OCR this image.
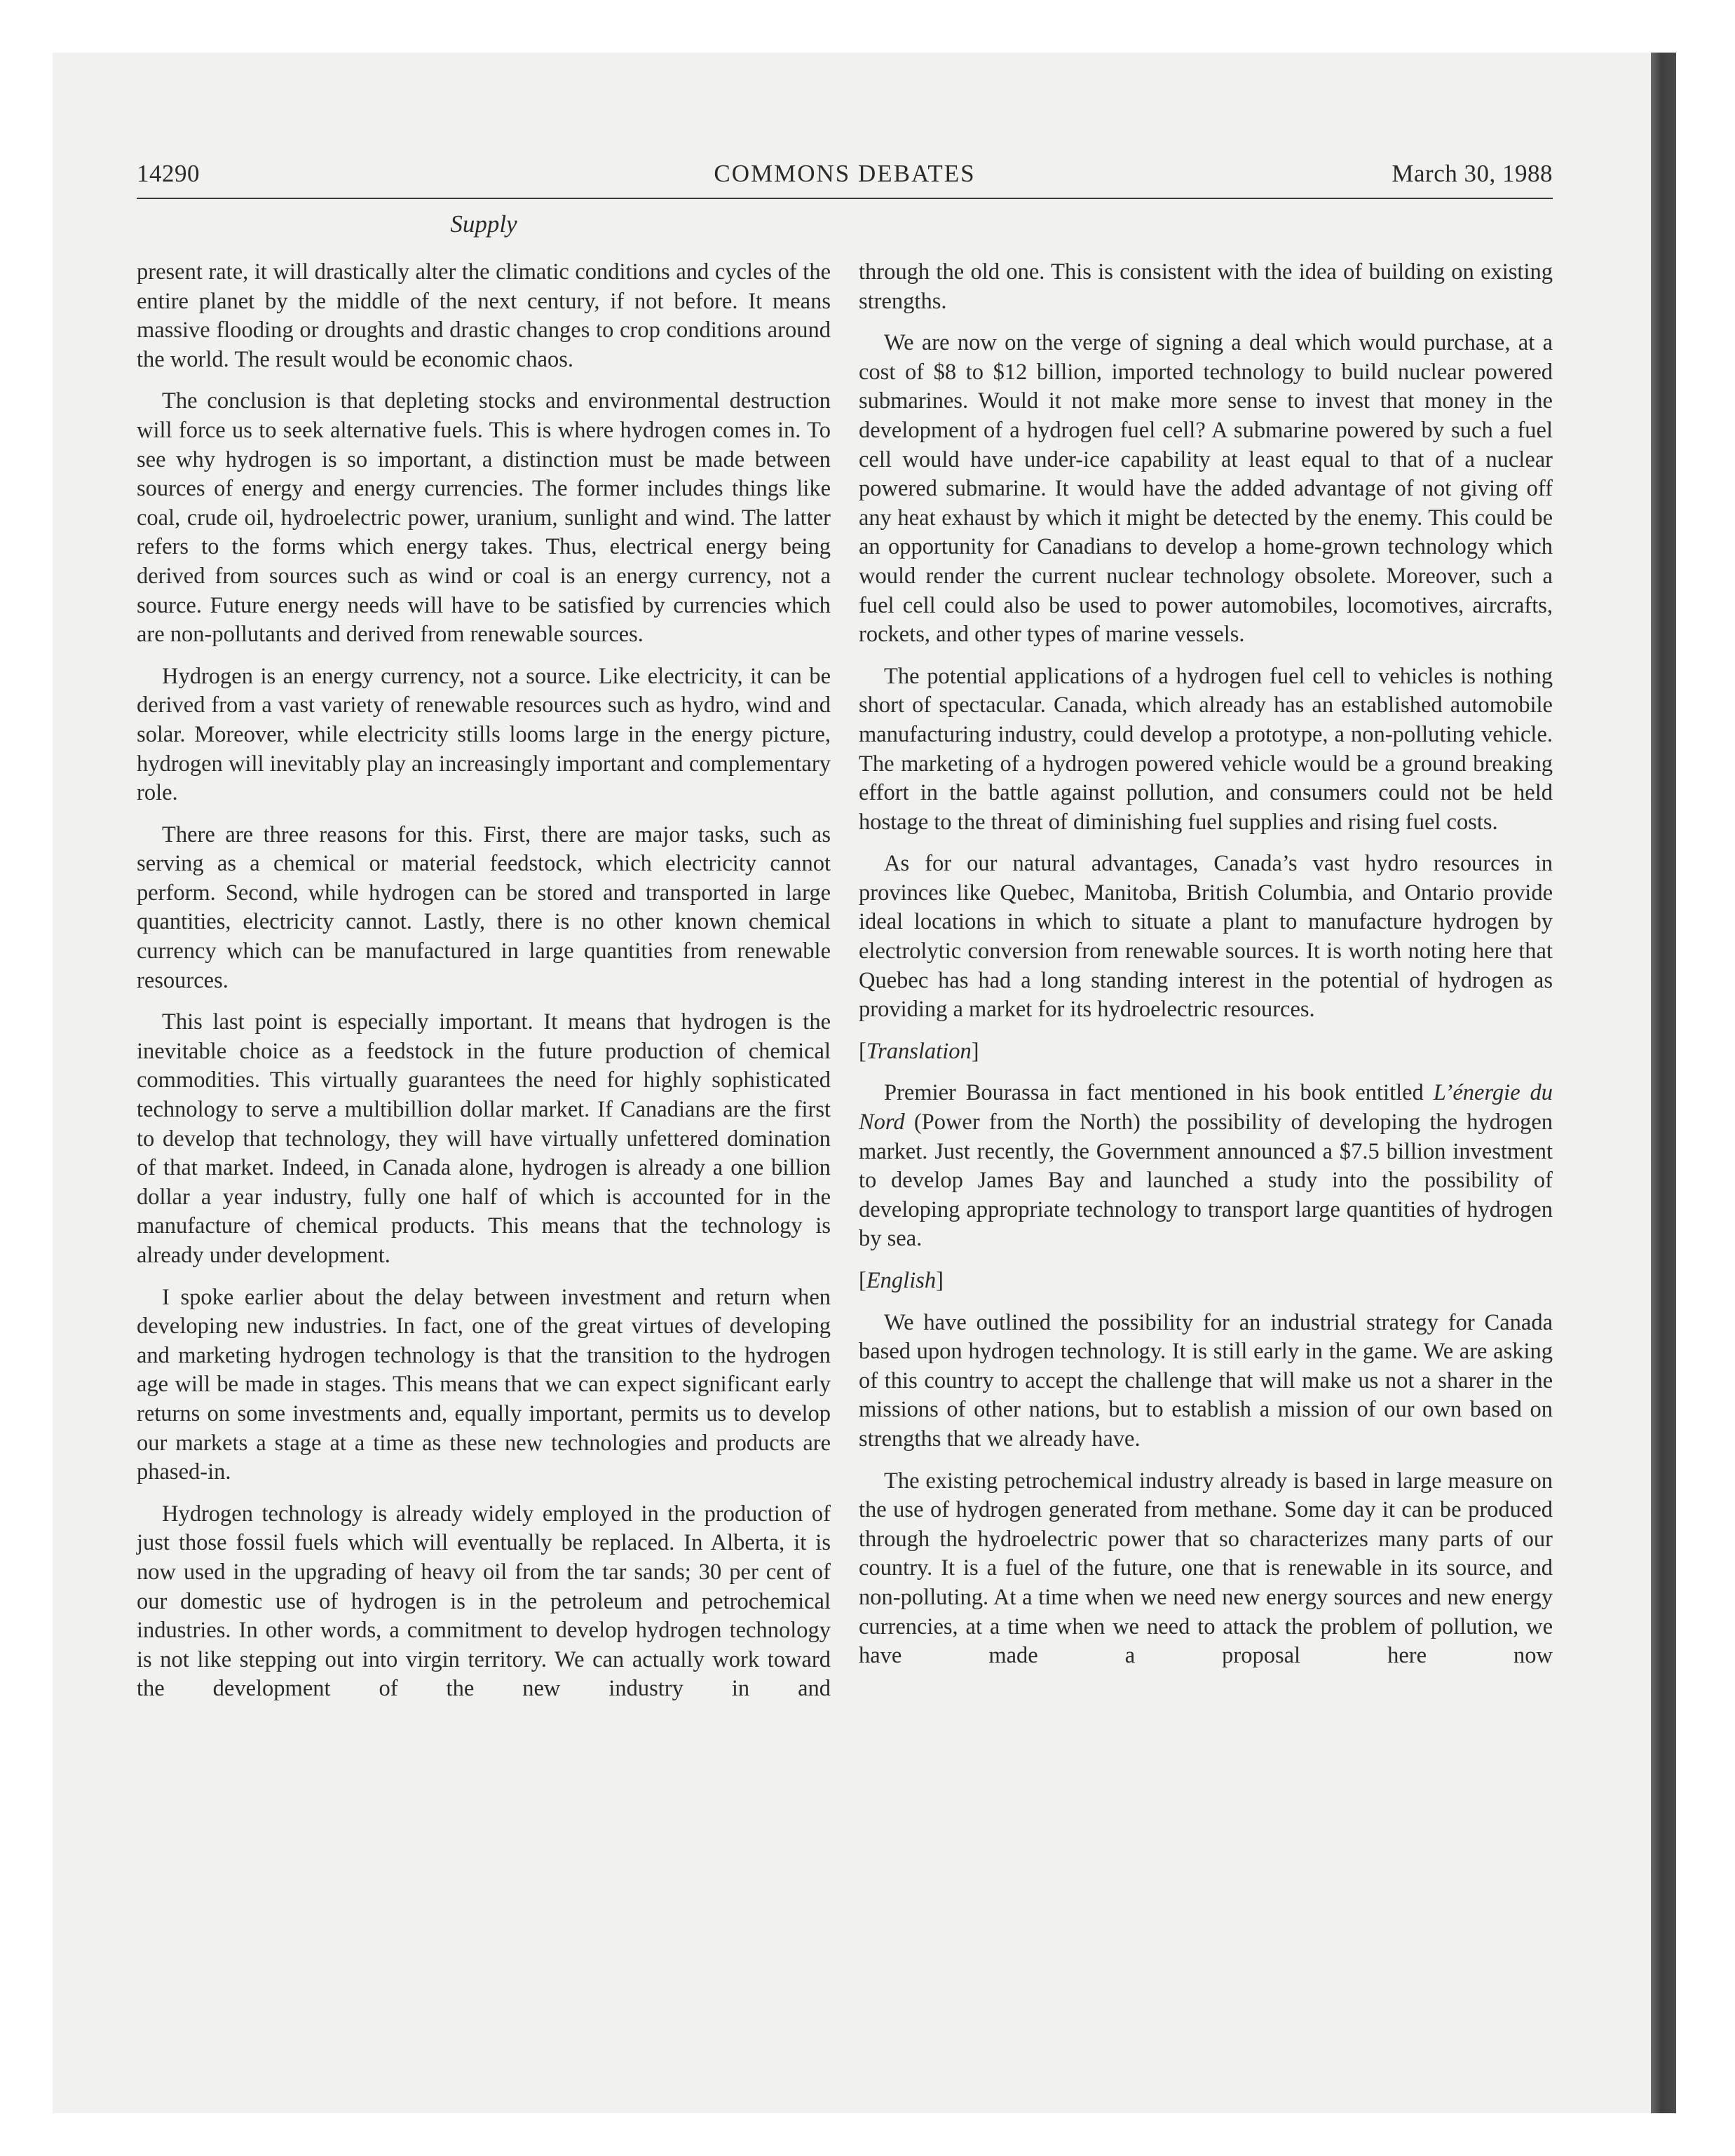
14290	COMMONS DEBATES	March 30, 1988
Supply

present rate, it will drastically alter the climatic conditions and cycles of the entire planet by the middle of the next century, if not before. It means massive flooding or droughts and drastic changes to crop conditions around the world. The result would be economic chaos.

The conclusion is that depleting stocks and environmental destruction will force us to seek alternative fuels. This is where hydrogen comes in. To see why hydrogen is so important, a distinction must be made between sources of energy and energy currencies. The former includes things like coal, crude oil, hydroelectric power, uranium, sunlight and wind. The latter refers to the forms which energy takes. Thus, electrical energy being derived from sources such as wind or coal is an energy currency, not a source. Future energy needs will have to be satisfied by currencies which are non-pollutants and derived from renewable sources.

Hydrogen is an energy currency, not a source. Like electricity, it can be derived from a vast variety of renewable resources such as hydro, wind and solar. Moreover, while electricity stills looms large in the energy picture, hydrogen will inevitably play an increasingly important and complementary role.

There are three reasons for this. First, there are major tasks, such as serving as a chemical or material feedstock, which electricity cannot perform. Second, while hydrogen can be stored and transported in large quantities, electricity cannot. Lastly, there is no other known chemical currency which can be manufactured in large quantities from renewable resources.

This last point is especially important. It means that hydrogen is the inevitable choice as a feedstock in the future production of chemical commodities. This virtually guarantees the need for highly sophisticated technology to serve a multibillion dollar market. If Canadians are the first to develop that technology, they will have virtually unfettered domination of that market. Indeed, in Canada alone, hydrogen is already a one billion dollar a year industry, fully one half of which is accounted for in the manufacture of chemical products. This means that the technology is already under development.

I spoke earlier about the delay between investment and return when developing new industries. In fact, one of the great virtues of developing and marketing hydrogen technology is that the transition to the hydrogen age will be made in stages. This means that we can expect significant early returns on some investments and, equally important, permits us to develop our markets a stage at a time as these new technologies and products are phased-in.

Hydrogen technology is already widely employed in the production of just those fossil fuels which will eventually be replaced. In Alberta, it is now used in the upgrading of heavy oil from the tar sands; 30 per cent of our domestic use of hydrogen is in the petroleum and petrochemical industries. In other words, a commitment to develop hydrogen technology is not like stepping out into virgin territory. We can actually work toward the development of the new industry in and

through the old one. This is consistent with the idea of building on existing strengths.

We are now on the verge of signing a deal which would purchase, at a cost of $8 to $12 billion, imported technology to build nuclear powered submarines. Would it not make more sense to invest that money in the development of a hydrogen fuel cell? A submarine powered by such a fuel cell would have under-ice capability at least equal to that of a nuclear powered submarine. It would have the added advantage of not giving off any heat exhaust by which it might be detected by the enemy. This could be an opportunity for Canadians to develop a home-grown technology which would render the current nuclear technology obsolete. Moreover, such a fuel cell could also be used to power automobiles, locomotives, aircrafts, rockets, and other types of marine vessels.

The potential applications of a hydrogen fuel cell to vehicles is nothing short of spectacular. Canada, which already has an established automobile manufacturing industry, could develop a prototype, a non-polluting vehicle. The marketing of a hydrogen powered vehicle would be a ground breaking effort in the battle against pollution, and consumers could not be held hostage to the threat of diminishing fuel supplies and rising fuel costs.

As for our natural advantages, Canada’s vast hydro resources in provinces like Quebec, Manitoba, British Columbia, and Ontario provide ideal locations in which to situate a plant to manufacture hydrogen by electrolytic conversion from renewable sources. It is worth noting here that Quebec has had a long standing interest in the potential of hydrogen as providing a market for its hydroelectric resources.

[Translation]

Premier Bourassa in fact mentioned in his book entitled L’énergie du Nord (Power from the North) the possibility of developing the hydrogen market. Just recently, the Government announced a $7.5 billion investment to develop James Bay and launched a study into the possibility of developing appropriate technology to transport large quantities of hydrogen by sea.

[English]

We have outlined the possibility for an industrial strategy for Canada based upon hydrogen technology. It is still early in the game. We are asking of this country to accept the challenge that will make us not a sharer in the missions of other nations, but to establish a mission of our own based on strengths that we already have.

The existing petrochemical industry already is based in large measure on the use of hydrogen generated from methane. Some day it can be produced through the hydroelectric power that so characterizes many parts of our country. It is a fuel of the future, one that is renewable in its source, and non-polluting. At a time when we need new energy sources and new energy currencies, at a time when we need to attack the problem of pollution, we have made a proposal here now
